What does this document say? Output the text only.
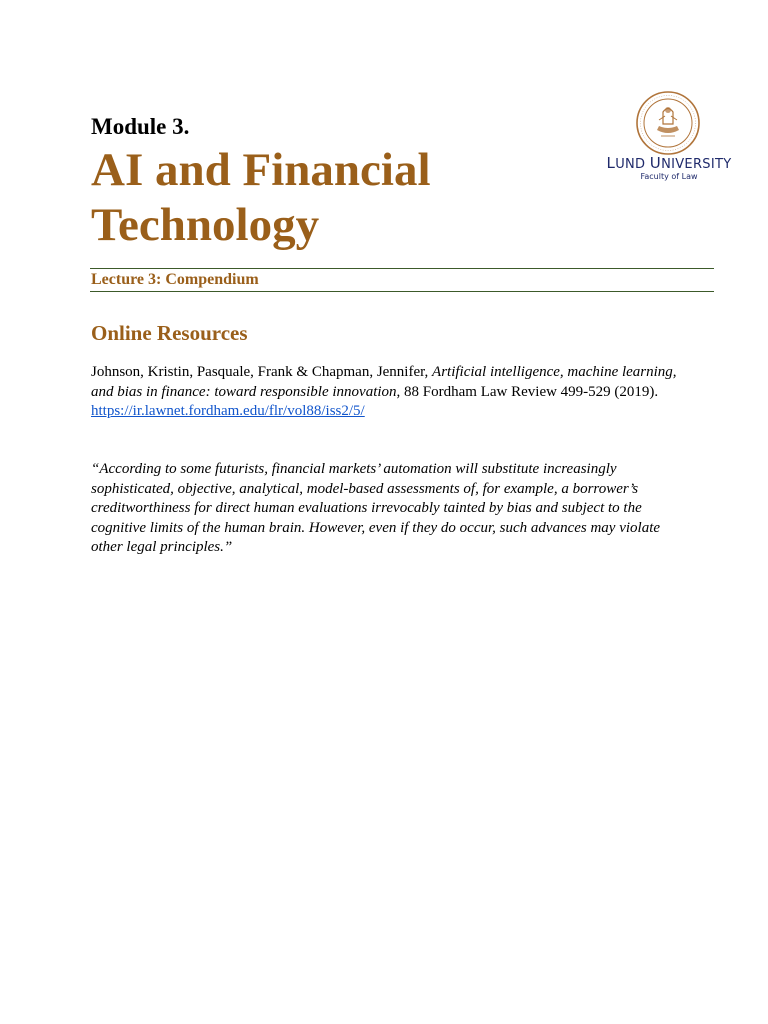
Module 3.
AI and Financial Technology
LUND UNIVERSITY
Faculty of Law
Lecture 3: Compendium
Online Resources

Johnson, Kristin, Pasquale, Frank & Chapman, Jennifer, Artificial intelligence, machine learning, and bias in finance: toward responsible innovation, 88 Fordham Law Review 499-529 (2019).
https://ir.lawnet.fordham.edu/flr/vol88/iss2/5/

“According to some futurists, financial markets’ automation will substitute increasingly sophisticated, objective, analytical, model-based assessments of, for example, a borrower’s creditworthiness for direct human evaluations irrevocably tainted by bias and subject to the cognitive limits of the human brain. However, even if they do occur, such advances may violate other legal principles.”
